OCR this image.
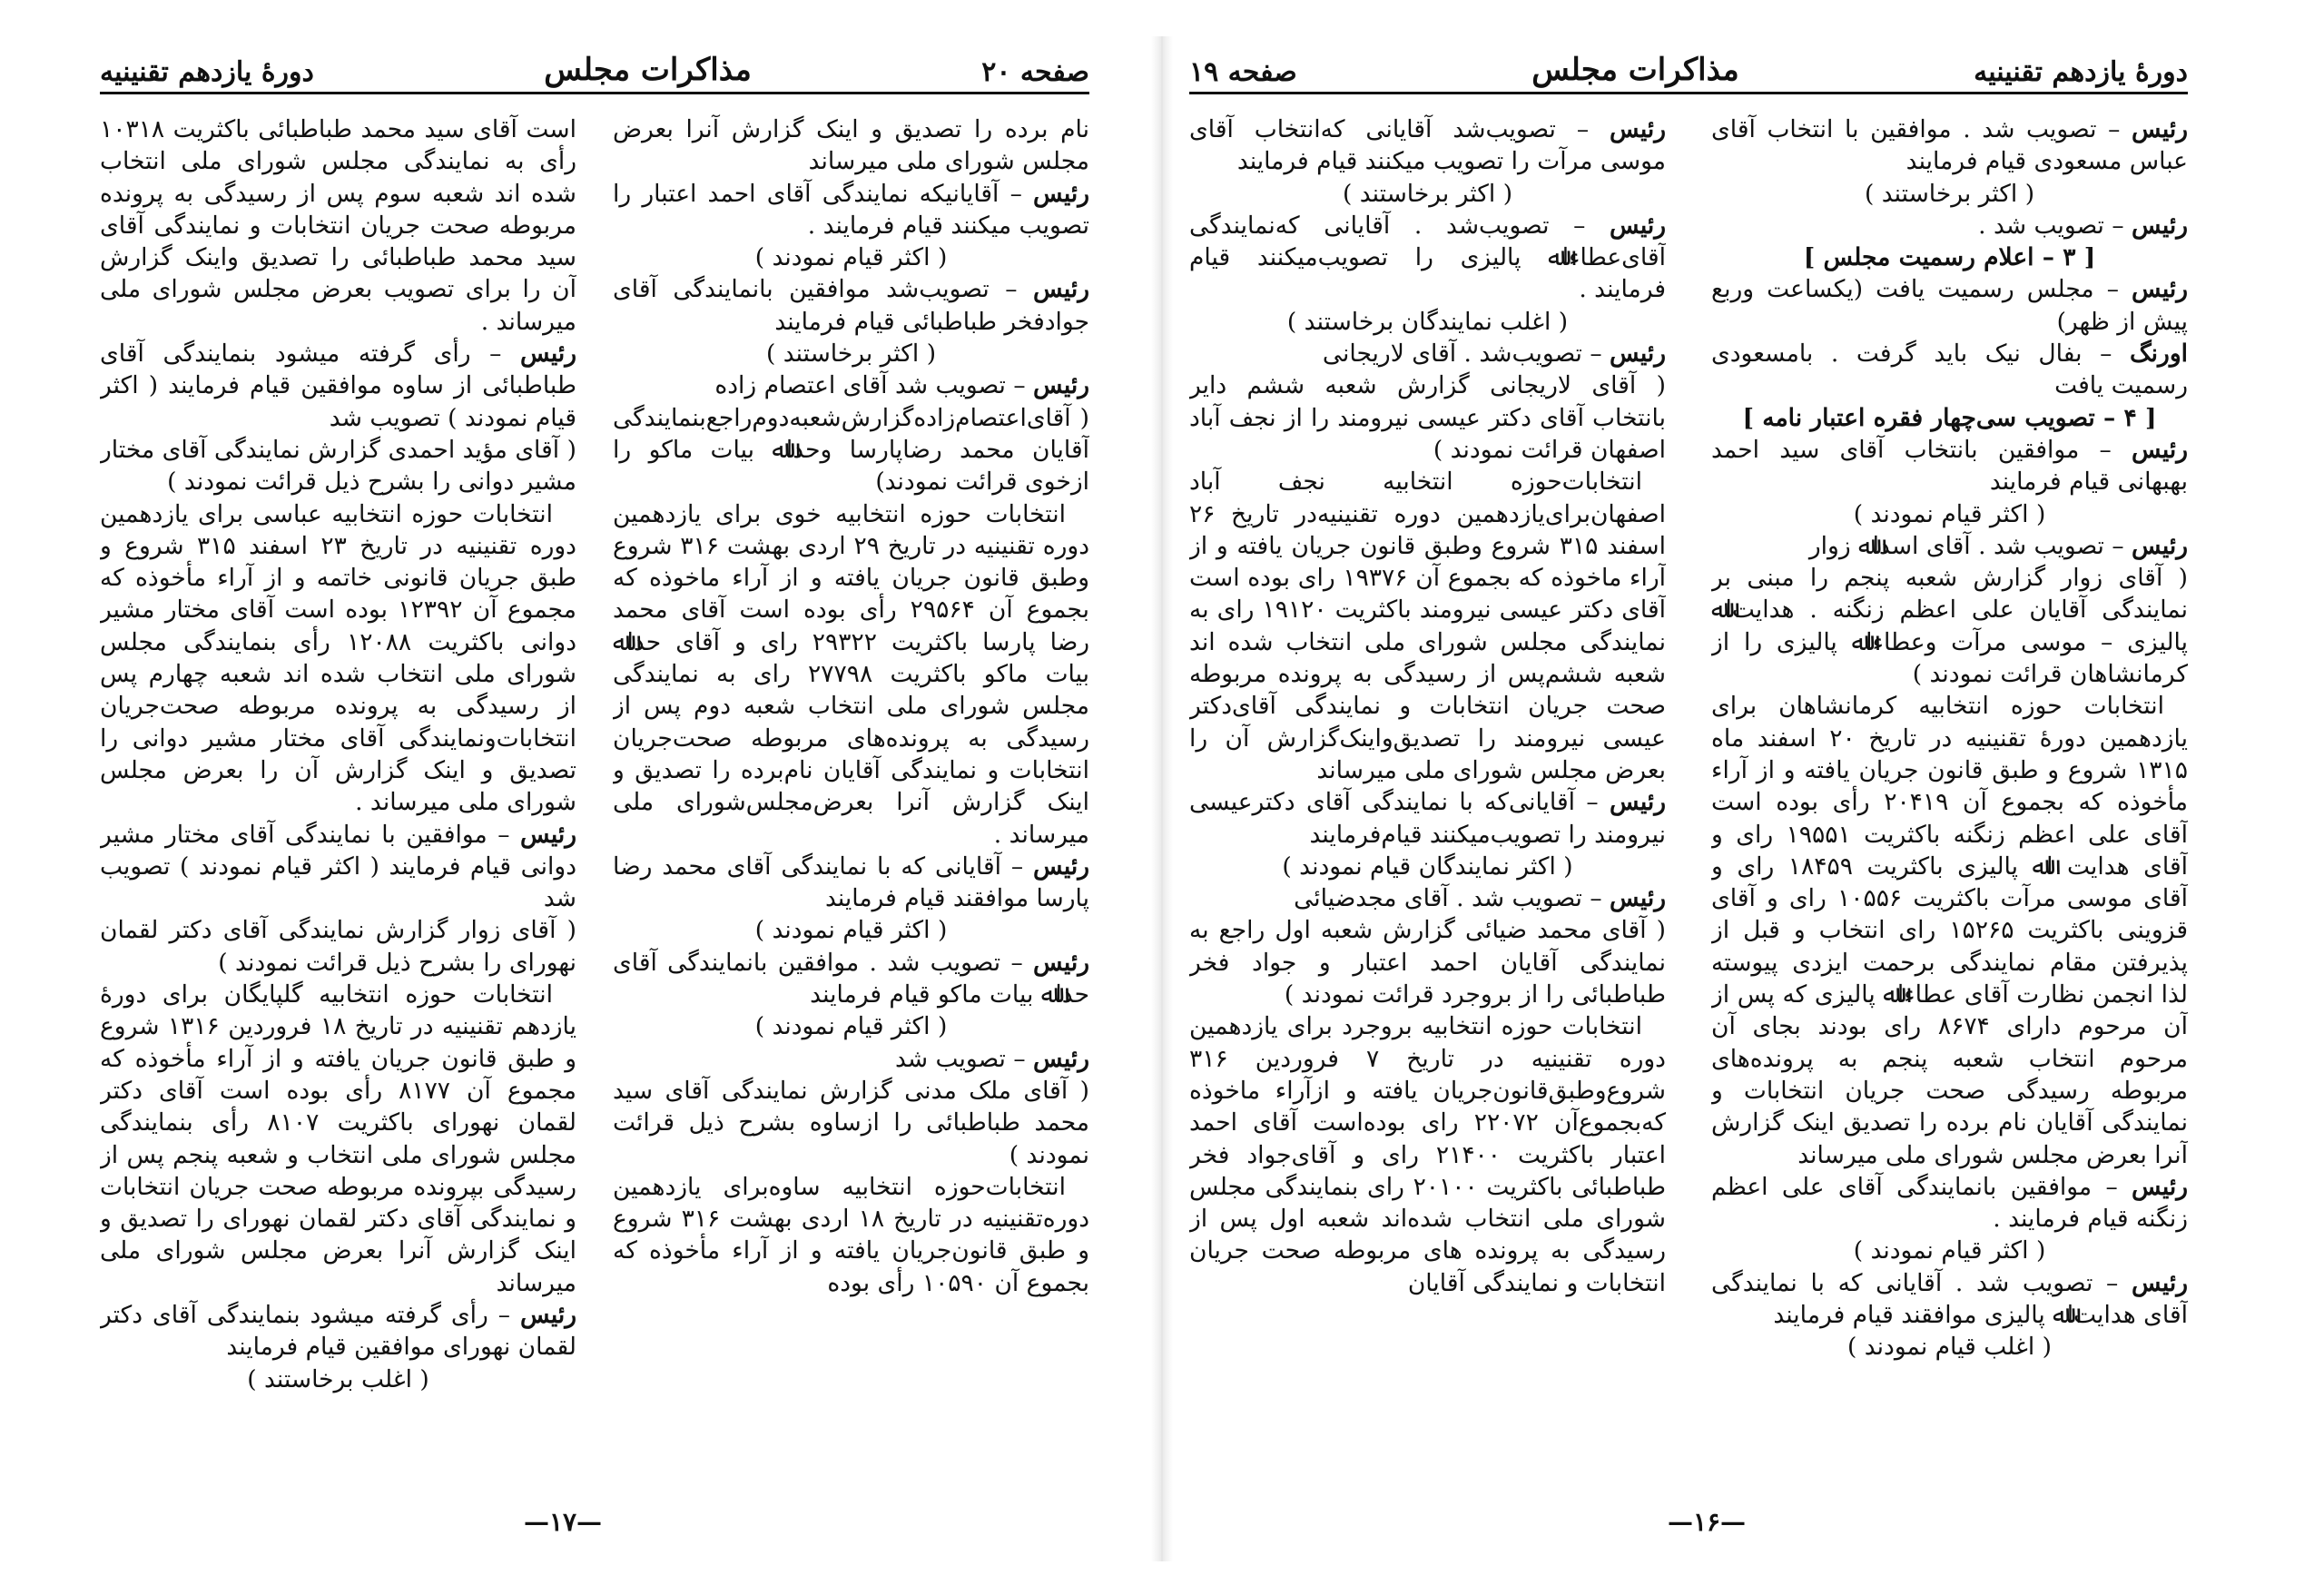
صفحه ۲۰
مذاکرات مجلس
دورۀ یازدهم تقنینیه

نام برده را تصدیق و اینک گزارش آنرا بعرض مجلس شورای ملی میرساند

رئیس – آقایانیکه نمایندگی آقای احمد اعتبار را تصویب میکنند قیام فرمایند .

( اکثر قیام نمودند )

رئیس – تصویب‌شد موافقین بانمایندگی آقای جوادفخر طباطبائی قیام فرمایند

( اکثر برخاستند )

رئیس – تصویب شد آقای اعتصام زاده

( آقای‌اعتصام‌زاده‌گزارش‌شعبه‌دوم‌راجع‌بنمایندگی آقایان محمد رضاپارسا وحداﷲ بیات ماکو را ازخوی قرائت نمودند)

انتخابات حوزه انتخابیه خوی برای یازدهمین دوره تقنینیه در تاریخ ۲۹ اردی بهشت ۳۱۶ شروع وطبق قانون جریان یافته و از آراء ماخوذه که بجموع آن ۲۹۵۶۴ رأی بوده است آقای محمد رضا پارسا باکثریت ۲۹۳۲۲ رای و آقای حداﷲ بیات ماکو باکثریت ۲۷۷۹۸ رای به نمایندگی مجلس شورای ملی انتخاب شعبه دوم پس از رسیدگی به پرونده‌های مربوطه صحت‌جریان انتخابات و نمایندگی آقایان نام‌برده را تصدیق و اینک گزارش آنرا بعرض‌مجلس‌شورای ملی میرساند .

رئیس – آقایانی که با نمایندگی آقای محمد رضا پارسا موافقند قیام فرمایند

( اکثر قیام نمودند )

رئیس – تصویب شد . موافقین بانمایندگی آقای حداﷲ بیات ماکو قیام فرمایند

( اکثر قیام نمودند )

رئیس – تصویب شد

( آقای ملک مدنی گزارش نمایندگی آقای سید محمد طباطبائی را ازساوه بشرح ذیل قرائت نمودند )

انتخابات‌حوزه انتخابیه ساوه‌برای یازدهمین دوره‌تقنینیه در تاریخ ۱۸ اردی بهشت ۳۱۶ شروع و طبق قانون‌جریان یافته و از آراء مأخوذه که بجموع آن ۱۰۵۹۰ رأی بوده

است آقای سید محمد طباطبائی باکثریت ۱۰۳۱۸ رأی به نمایندگی مجلس شورای ملی انتخاب شده اند شعبه سوم پس از رسیدگی به پرونده مربوطه صحت جریان انتخابات و نمایندگی آقای سید محمد طباطبائی را تصدیق واینک گزارش آن را برای تصویب بعرض مجلس شورای ملی میرساند .

رئیس – رأی گرفته میشود بنمایندگی آقای طباطبائی از ساوه موافقین قیام فرمایند ( اکثر قیام نمودند ) تصویب شد

( آقای مؤید احمدی گزارش نمایندگی آقای مختار مشیر دوانی را بشرح ذیل قرائت نمودند )

انتخابات حوزه انتخابیه عباسی برای یازدهمین دوره تقنینیه در تاریخ ۲۳ اسفند ۳۱۵ شروع و طبق جریان قانونی خاتمه و از آراء مأخوذه که مجموع آن ۱۲۳۹۲ بوده است آقای مختار مشیر دوانی باکثریت ۱۲۰۸۸ رأی بنمایندگی مجلس شورای ملی انتخاب شده اند شعبه چهارم پس از رسیدگی به پرونده مربوطه صحت‌جریان انتخابات‌ونمایندگی آقای مختار مشیر دوانی را تصدیق و اینک گزارش آن را بعرض مجلس شورای ملی میرساند .

رئیس – موافقین با نمایندگی آقای مختار مشیر دوانی قیام فرمایند ( اکثر قیام نمودند ) تصویب شد

( آقای زوار گزارش نمایندگی آقای دکتر لقمان نهورای را بشرح ذیل قرائت نمودند )

انتخابات حوزه انتخابیه گلپایگان برای دورۀ یازدهم تقنینیه در تاریخ ۱۸ فروردین ۱۳۱۶ شروع و طبق قانون جریان یافته و از آراء مأخوذه که مجموع آن ۸۱۷۷ رأی بوده است آقای دکتر لقمان نهورای باکثریت ۸۱۰۷ رأی بنمایندگی مجلس شورای ملی انتخاب و شعبه پنجم پس از رسیدگی بپرونده مربوطه صحت جریان انتخابات و نمایندگی آقای دکتر لقمان نهورای را تصدیق و اینک گزارش آنرا بعرض مجلس شورای ملی میرساند

رئیس – رأی گرفته میشود بنمایندگی آقای دکتر لقمان نهورای موافقین قیام فرمایند

( اغلب برخاستند )

—۱۷—
دورۀ یازدهم تقنینیه
مذاکرات مجلس
صفحه ۱۹

رئیس – تصویب شد . موافقین با انتخاب آقای عباس مسعودی قیام فرمایند

( اکثر برخاستند )

رئیس – تصویب شد .

[ ۳ – اعلام رسمیت مجلس ]

رئیس – مجلس رسمیت یافت (یکساعت وربع پیش از ظهر)

اورنگ – بفال نیک باید گرفت . بامسعودی رسمیت یافت

[ ۴ – تصویب سی‌چهار فقره اعتبار نامه ]

رئیس – موافقین بانتخاب آقای سید احمد بهبهانی قیام فرمایند

( اکثر قیام نمودند )

رئیس – تصویب شد . آقای اسداﷲ زوار

( آقای زوار گزارش شعبه پنجم را مبنی بر نمایندگی آقایان علی اعظم زنگنه . هدایت‌اﷲ پالیزی – موسی مرآت وعطاءاﷲ پالیزی را از کرمانشاهان قرائت نمودند )

انتخابات حوزه انتخابیه کرمانشاهان برای یازدهمین دورۀ تقنینیه در تاریخ ۲۰ اسفند ماه ۱۳۱۵ شروع و طبق قانون جریان یافته و از آراء مأخوذه که بجموع آن ۲۰۴۱۹ رأی بوده است آقای علی اعظم زنگنه باکثریت ۱۹۵۵۱ رای و آقای هدایت اﷲ پالیزی باکثریت ۱۸۴۵۹ رای و آقای موسی مرآت باکثریت ۱۰۵۵۶ رای و آقای قزوینی باکثریت ۱۵۲۶۵ رای انتخاب و قبل از پذیرفتن مقام نمایندگی برحمت ایزدی پیوسته لذا انجمن نظارت آقای عطاءاﷲ پالیزی که پس از آن مرحوم دارای ۸۶۷۴ رای بودند بجای آن مرحوم انتخاب شعبه پنجم به پرونده‌های مربوطه رسیدگی صحت جریان انتخابات و نمایندگی آقایان نام برده را تصدیق اینک گزارش آنرا بعرض مجلس شورای ملی میرساند

رئیس – موافقین بانمایندگی آقای علی اعظم زنگنه قیام فرمایند .

( اکثر قیام نمودند )

رئیس – تصویب شد . آقایانی که با نمایندگی آقای هدایت‌اﷲ پالیزی موافقند قیام فرمایند

( اغلب قیام نمودند )

رئیس – تصویب‌شد آقایانی که‌انتخاب آقای موسی مرآت را تصویب میکنند قیام فرمایند

( اکثر برخاستند )

رئیس – تصویب‌شد . آقایانی که‌نمایندگی آقای‌عطاءاﷲ پالیزی را تصویب‌میکنند قیام فرمایند .

( اغلب نمایندگان برخاستند )

رئیس – تصویب‌شد . آقای لاریجانی

( آقای لاریجانی گزارش شعبه ششم دایر بانتخاب آقای دکتر عیسی نیرومند را از نجف آباد اصفهان قرائت نمودند )

انتخابات‌حوزه انتخابیه نجف آباد اصفهان‌برای‌یازدهمین دوره تقنینیه‌در تاریخ ۲۶ اسفند ۳۱۵ شروع وطبق قانون جریان یافته و از آراء ماخوذه که بجموع آن ۱۹۳۷۶ رای بوده است آقای دکتر عیسی نیرومند باکثریت ۱۹۱۲۰ رای به نمایندگی مجلس شورای ملی انتخاب شده اند شعبه ششم‌پس از رسیدگی به پرونده مربوطه صحت جریان انتخابات و نمایندگی آقای‌دکتر عیسی نیرومند را تصدیق‌واینک‌گزارش آن را بعرض مجلس شورای ملی میرساند

رئیس – آقایانی‌که با نمایندگی آقای دکترعیسی نیرومند را تصویب‌میکنند قیام‌فرمایند

( اکثر نمایندگان قیام نمودند )

رئیس – تصویب شد . آقای مجدضیائی

( آقای محمد ضیائی گزارش شعبه اول راجع به نمایندگی آقایان احمد اعتبار و جواد فخر طباطبائی را از بروجرد قرائت نمودند )

انتخابات حوزه انتخابیه بروجرد برای یازدهمین دوره تقنینیه در تاریخ ۷ فروردین ۳۱۶ شروع‌وطبق‌قانون‌جریان یافته و ازآراء ماخوذه که‌بجموع‌آن ۲۲۰۷۲ رای بوده‌است آقای احمد اعتبار باکثریت ۲۱۴۰۰ رای و آقای‌جواد فخر طباطبائی باکثریت ۲۰۱۰۰ رای بنمایندگی مجلس شورای ملی انتخاب شده‌اند شعبه اول پس از رسیدگی به پرونده های مربوطه صحت جریان انتخابات و نمایندگی آقایان

—۱۶—
